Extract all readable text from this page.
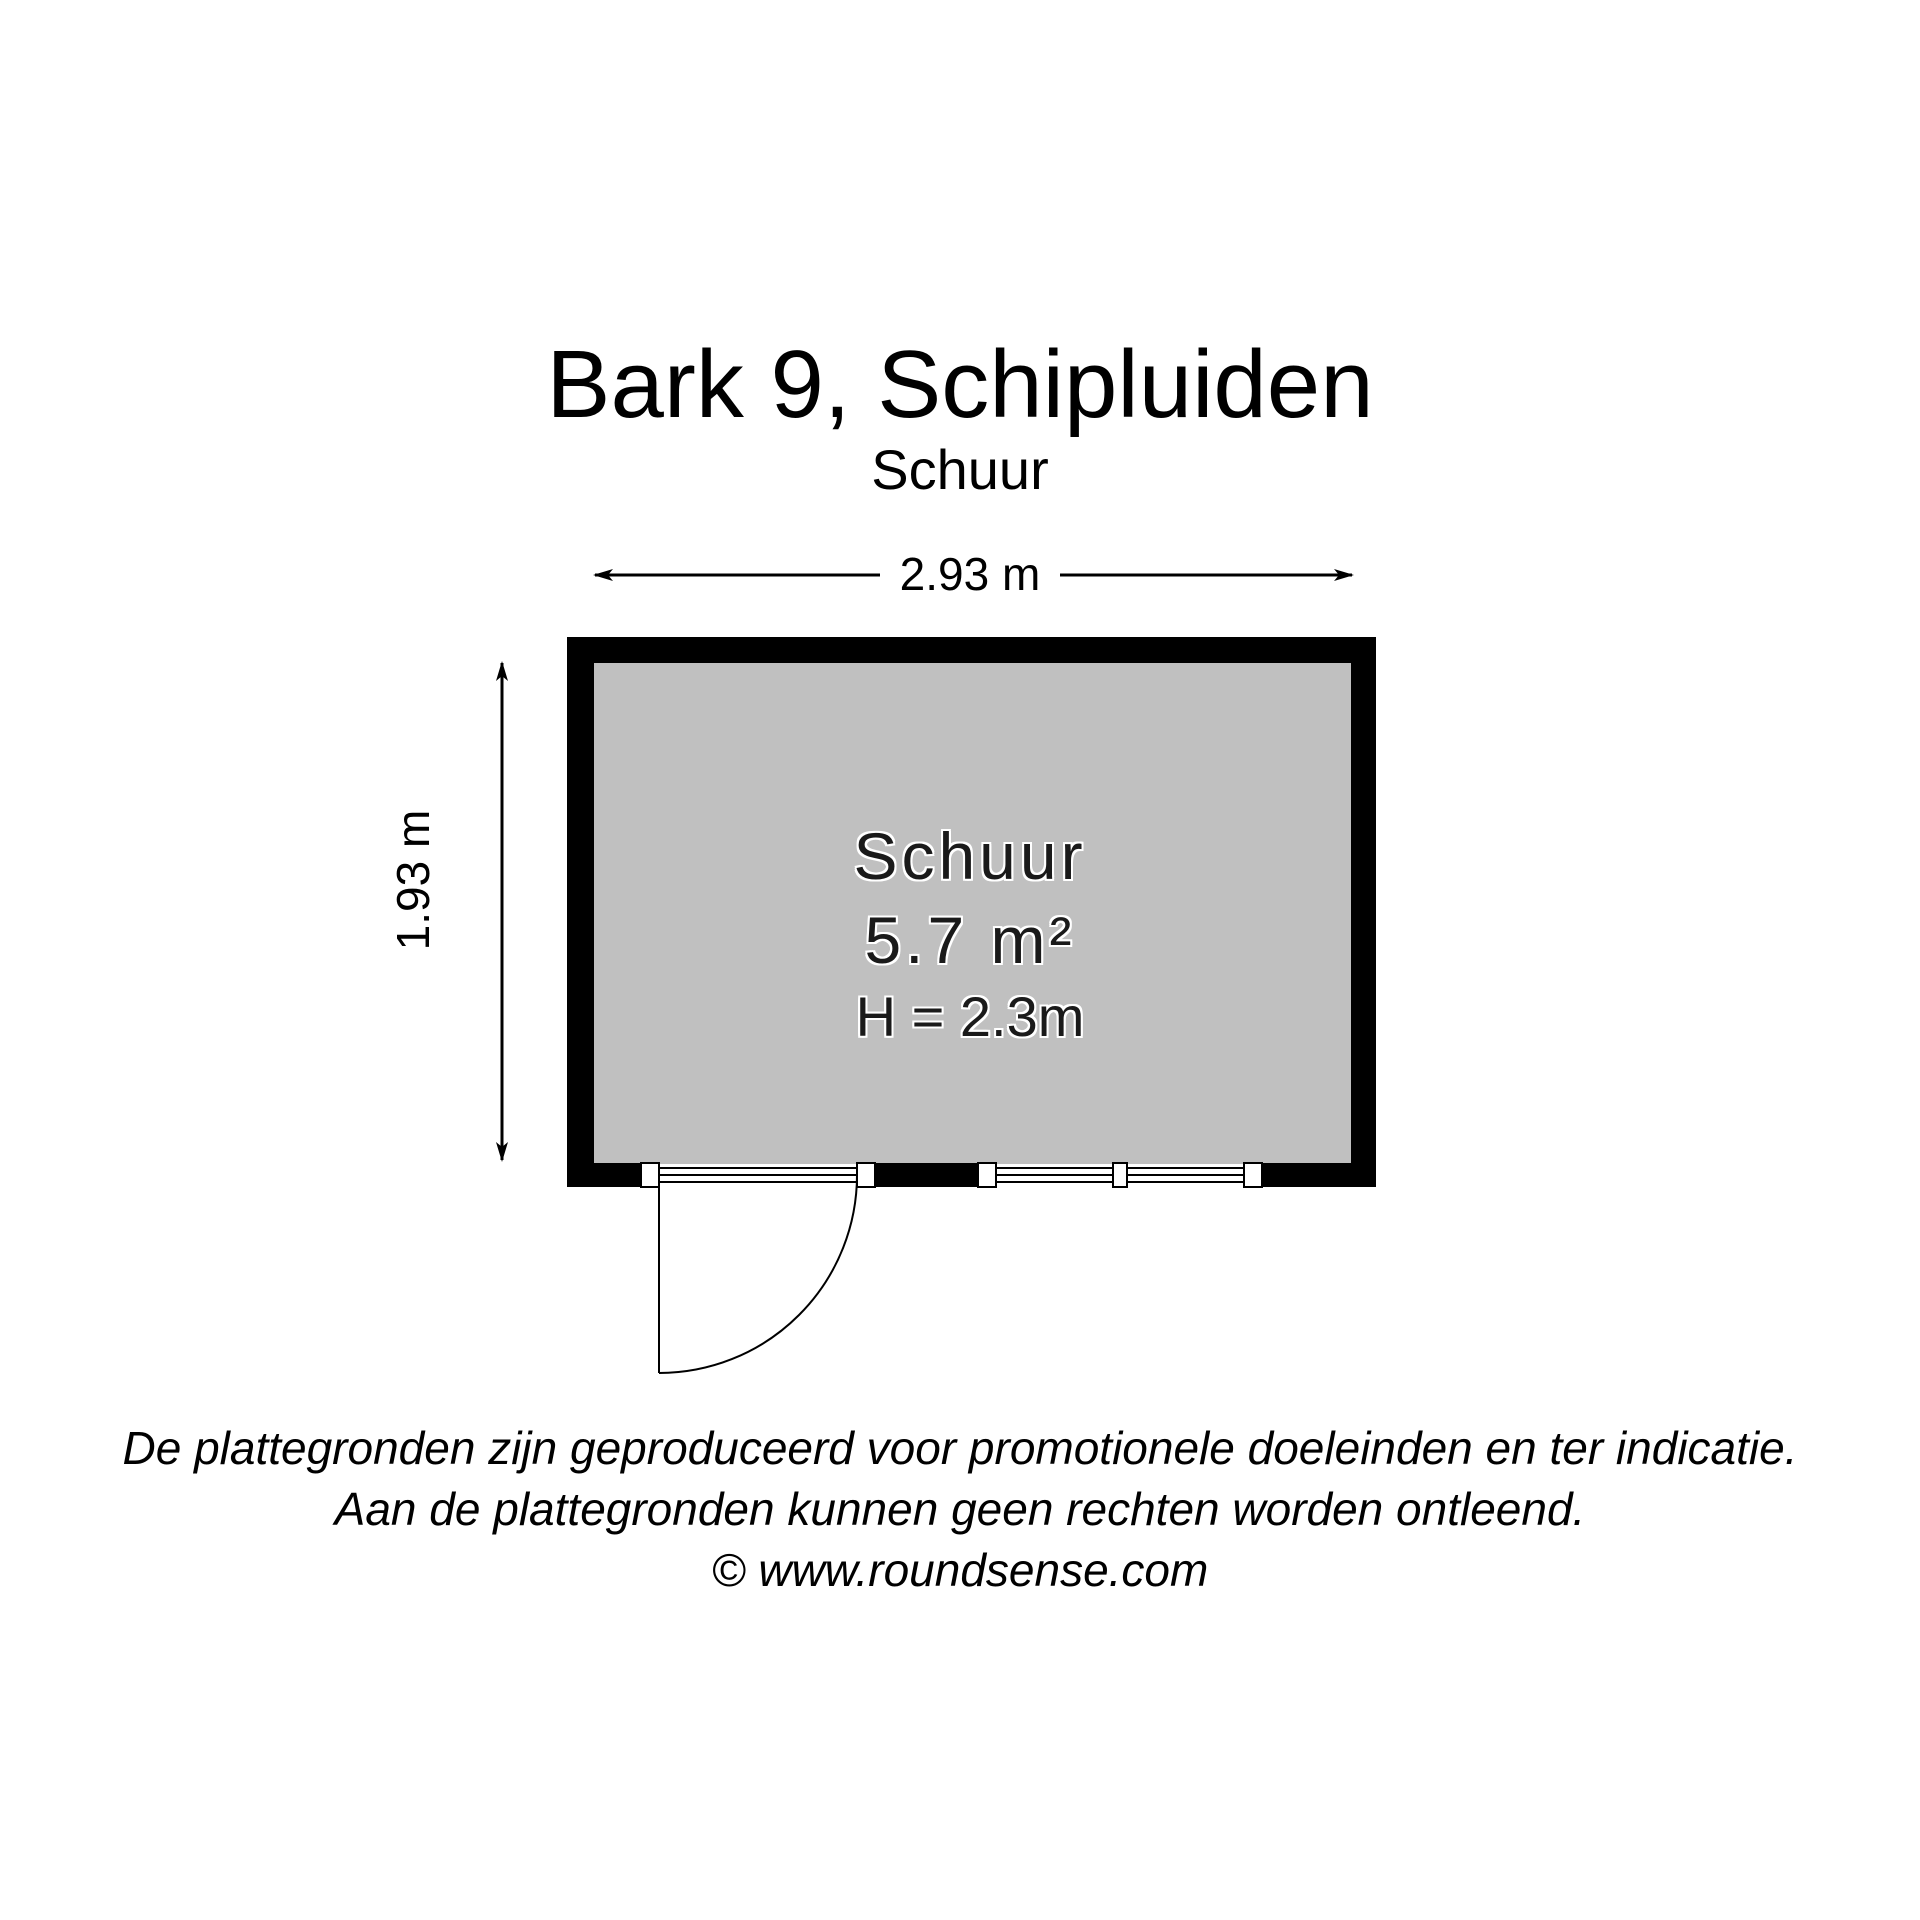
Bark 9, Schipluiden
Schuur
2.93 m
1.93 m	Schuur
5.7 m²
H = 2.3m
De plattegronden zijn geproduceerd voor promotionele doeleinden en ter indicatie.
Aan de plattegronden kunnen geen rechten worden ontleend.
© www.roundsense.com
